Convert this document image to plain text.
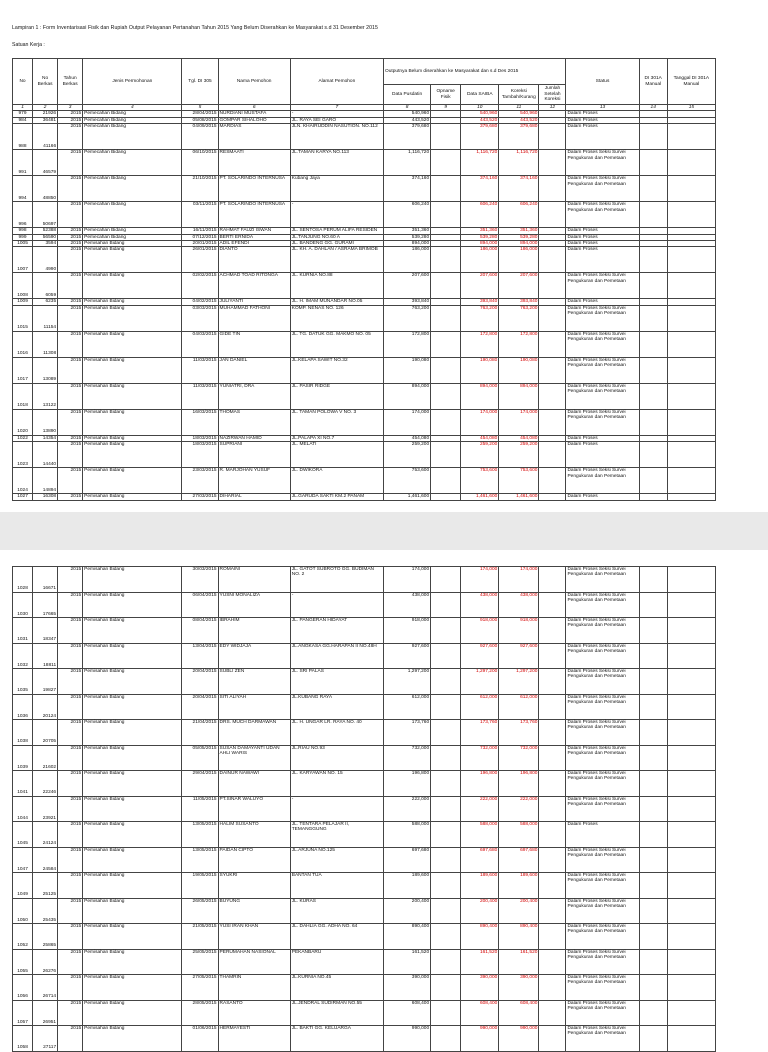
Lampiran 1 : Form Inventarisasi Fisik dan Rupiah Output Pelayanan Pertanahan Tahun 2015 Yang Belum Diserahkan ke Masyarakat s.d 31 Desember 2015
Satuan Kerja :
No	No Berkas	Tahun Berkas	Jenis Permohonan	Tgl. DI 305	Nama Pemohon	Alamat Pemohon	Outputnya Belum diserahkan ke Masyarakat dan s.d Des 2015					Status	DI 301A Manual	Tanggal DI 301A Manual
							Data Pusdatin	Opname Fisik	Data SAIBA	Koreksi Tambah/Kurang	Jumlah Setelah Koreksi			
1	2	3	4	5	6	7	8	9	10	11	12	13	14	15
979	21926	2015	Pemecahan Bidang	28/04/2015	NURDIANI MUSTAFA	-	540,960		540,960	540,960		Dalam Proses		
984	36481	2015	Pemecahan Bidang	05/08/2015	GOMPAR SIHALOHO	JL. RAYA SEI GARO	443,520		443,520	443,520		Dalam Proses		
988	41166	2015	Pemecahan Bidang	04/09/2015	MARDIAS	JLN. KHAIRUDDIN NASUTION. NO.112	379,680		379,680	379,680		Dalam Proses		
991	46579	2015	Pemecahan Bidang	06/10/2015	RESMAATI	JL.TAMAN KARYA NO.113	1,116,720		1,116,720	1,116,720		Dalam Proses Seksi Survei Pengukuran dan Pemetaan		
994	48850	2015	Pemecahan Bidang	21/10/2015	PT. SOLARINDO INTERNUSA	Kubang Jaya	374,160		374,160	374,160		Dalam Proses Seksi Survei Pengukuran dan Pemetaan		
996	50697	2015	Pemecahan Bidang	03/11/2015	PT. SOLARINDO INTERNUSA	-	606,240		606,240	606,240		Dalam Proses Seksi Survei Pengukuran dan Pemetaan		
998	52388	2015	Pemecahan Bidang	16/11/2015	RAHMAT FAUZI ISWAN	JL. SENTOSA PERUM ALIFA RESIDEN	351,360		351,360	351,360		Dalam Proses		
999	56590	2015	Pemecahan Bidang	07/12/2015	BERTI ERNIDA	JL.TANJUNG NO.60 A	539,280		539,280	539,280		Dalam Proses		
1005	3594	2015	Pemisahan Bidang	20/01/2015	ADIL EFENDI	JL. BANDENG GG. GURAMI	894,000		894,000	894,000		Dalam Proses		
1007	4990	2015	Pemisahan Bidang	26/01/2015	DIANTO	JL. KH. A. DAHLAN / ASRAMA BRIMOB	186,000		186,000	186,000		Dalam Proses		
1008	6059	2015	Pemisahan Bidang	02/02/2015	ACHMAD TOAD RITONGA	JL. KURNIA NO.88	207,600		207,600	207,600		Dalam Proses Seksi Survei Pengukuran dan Pemetaan		
1009	6235	2015	Pemisahan Bidang	04/02/2015	JULIYANTI	JL. H. IMAM MUNANDAR NO.05	393,840		393,840	393,840		Dalam Proses		
1015	11154	2015	Pemisahan Bidang	03/03/2015	MUHAMMAD FATHONI	KOMP. NENAS NO. 126	763,200		763,200	763,200		Dalam Proses Seksi Survei Pengukuran dan Pemetaan		
1016	11308	2015	Pemisahan Bidang	04/03/2015	GIDE TIN	JL. TG. DATUK GG. MAKMO NO. 05	172,800		172,800	172,800		Dalam Proses Seksi Survei Pengukuran dan Pemetaan		
1017	13089	2015	Pemisahan Bidang	11/03/2015	JAN DANIEL	JL.KELAPA SAWIT NO.32	190,080		190,080	190,080		Dalam Proses Seksi Survei Pengukuran dan Pemetaan		
1018	13122	2015	Pemisahan Bidang	11/03/2015	YUNIATRI, DRA	JL. PASIR RIDGE	894,000		894,000	894,000		Dalam Proses Seksi Survei Pengukuran dan Pemetaan		
1020	13890	2015	Pemisahan Bidang	16/03/2015	THOMAS	JL. TAMAN POLOWA V NO. 3	174,000		174,000	174,000		Dalam Proses Seksi Survei Pengukuran dan Pemetaan		
1022	14354	2015	Pemisahan Bidang	18/03/2015	NAZIRWAN HAMID	JL.PALAPA XI NO.7	454,080		454,080	454,080		Dalam Proses		
1023	14440	2015	Pemisahan Bidang	18/03/2015	SUPRIANI	JL. MELATI	259,200		259,200	259,200		Dalam Proses		
1024	14894	2015	Pemisahan Bidang	23/03/2015	R. MARJOHAN YUSUF	JL. DWIKORA	753,600		753,600	753,600		Dalam Proses Seksi Survei Pengukuran dan Pemetaan		
1027	16308	2015	Pemisahan Bidang	27/03/2015	DIHARIAL	JL.GARUDA SAKTI KM.2 PANAM	1,461,600		1,461,600	1,461,600		Dalam Proses		
1028	16671	2015	Pemisahan Bidang	30/03/2015	ROMAINI	JL. GATOT SUBROTO GG. BUDIMAN NO. 2	174,000		174,000	174,000		Dalam Proses Seksi Survei Pengukuran dan Pemetaan		
1030	17665	2015	Pemisahan Bidang	06/04/2015	YUSNI MONALIZA	-	438,000		438,000	438,000		Dalam Proses Seksi Survei Pengukuran dan Pemetaan		
1031	18347	2015	Pemisahan Bidang	08/04/2015	IBRAHIM	JL. PANGERAN HIDAYAT	918,000		918,000	918,000		Dalam Proses Seksi Survei Pengukuran dan Pemetaan		
1032	18811	2015	Pemisahan Bidang	13/04/2015	EDY WIDJAJA	JL.ANGKASA GG.HARAPAN II NO.48H	927,600		927,600	927,600		Dalam Proses Seksi Survei Pengukuran dan Pemetaan		
1035	19827	2015	Pemisahan Bidang	20/04/2015	SUBLI ZEN	JL. SRI PALAS	1,297,200		1,297,200	1,297,200		Dalam Proses Seksi Survei Pengukuran dan Pemetaan		
1036	20124	2015	Pemisahan Bidang	20/04/2015	SITI ALIYAH	JL.KUBANG RAYA	612,000		612,000	612,000		Dalam Proses Seksi Survei Pengukuran dan Pemetaan		
1038	20705	2015	Pemisahan Bidang	21/04/2015	DRS. MUCH DARMAWAN	JL. H. UNGAR LR. RAYA NO. 40	173,760		173,760	173,760		Dalam Proses Seksi Survei Pengukuran dan Pemetaan		
1039	21602	2015	Pemisahan Bidang	05/05/2015	SUSAN DAMAYANTI UDAN AHLI WARIS	JL.RIAU NO.93	732,000		732,000	732,000		Dalam Proses Seksi Survei Pengukuran dan Pemetaan		
1041	22246	2015	Pemisahan Bidang	29/04/2015	DAINUR NAWAWI	JL. KARYAWAN NO. 15	196,800		196,800	196,800		Dalam Proses Seksi Survei Pengukuran dan Pemetaan		
1044	23921	2015	Pemisahan Bidang	11/05/2015	PT.SINAR WALUYO	-	222,000		222,000	222,000		Dalam Proses Seksi Survei Pengukuran dan Pemetaan		
1045	24124	2015	Pemisahan Bidang	13/05/2015	HALIM SUSANTO	JL. TENTARA PELAJAR II, TEMANGGUNG	588,000		588,000	588,000		Dalam Proses		
1047	24584	2015	Pemisahan Bidang	13/05/2015	PAIDAN CIPTO	JL.ARJUNA NO.125	697,680		697,680	697,680		Dalam Proses Seksi Survei Pengukuran dan Pemetaan		
1049	25125	2015	Pemisahan Bidang	19/05/2015	SYUKRI	BANTAN TUA	189,600		189,600	189,600		Dalam Proses Seksi Survei Pengukuran dan Pemetaan		
1050	25435	2015	Pemisahan Bidang	26/05/2015	BUYUNG	JL. KURAS	200,400		200,400	200,400		Dalam Proses Seksi Survei Pengukuran dan Pemetaan		
1052	25865	2015	Pemisahan Bidang	21/05/2015	YUSI IRAN KHAN	JL. DAHLIA GG. ADHA NO. 64	890,400		890,400	890,400		Dalam Proses Seksi Survei Pengukuran dan Pemetaan		
1055	26276	2015	Pemisahan Bidang	25/05/2015	PERUMAHAN NASIONAL	PEKANBARU	161,520		161,520	161,520		Dalam Proses Seksi Survei Pengukuran dan Pemetaan		
1056	26714	2015	Pemisahan Bidang	27/05/2015	THAMRIN	JL.KURNIA NO.45	390,000		390,000	390,000		Dalam Proses Seksi Survei Pengukuran dan Pemetaan		
1057	26951	2015	Pemisahan Bidang	28/05/2015	RASANTO	JL.JENDRAL SUDIRMAN NO.55	608,400		608,400	608,400		Dalam Proses Seksi Survei Pengukuran dan Pemetaan		
1058	27117	2015	Pemisahan Bidang	01/06/2015	HERMAYESTI	JL. BAKTI GG. KELUARGA	990,000		990,000	990,000		Dalam Proses Seksi Survei Pengukuran dan Pemetaan		
